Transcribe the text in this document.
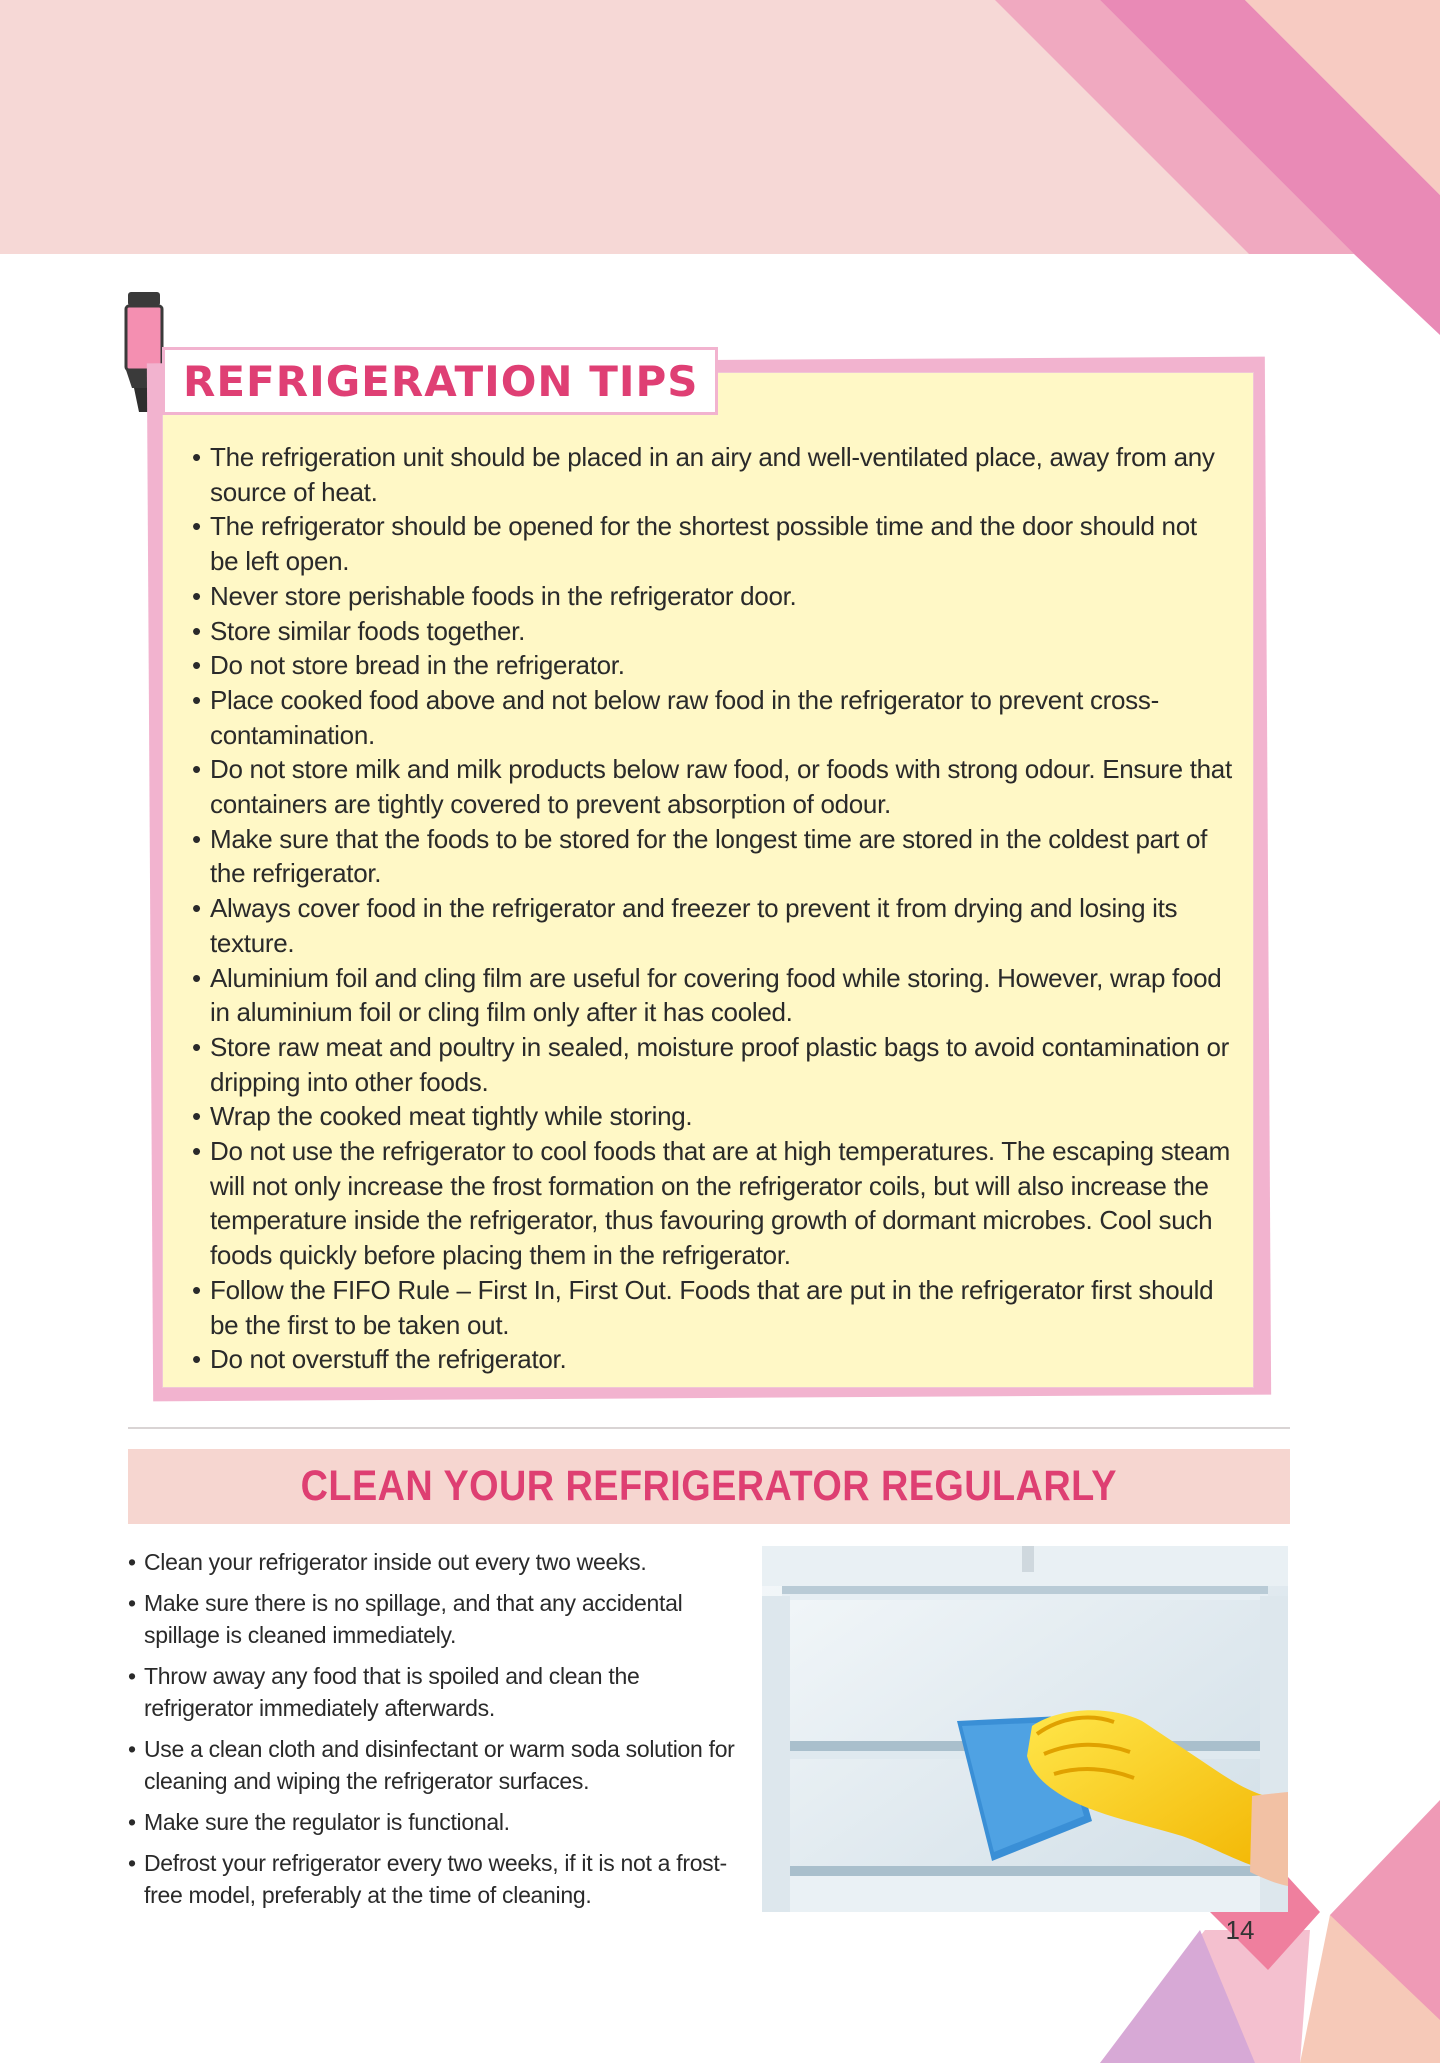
REFRIGERATION TIPS
• The refrigeration unit should be placed in an airy and well-ventilated place, away from any source of heat.
• The refrigerator should be opened for the shortest possible time and the door should not be left open.
• Never store perishable foods in the refrigerator door.
• Store similar foods together.
• Do not store bread in the refrigerator.
• Place cooked food above and not below raw food in the refrigerator to prevent cross-contamination.
• Do not store milk and milk products below raw food, or foods with strong odour. Ensure that containers are tightly covered to prevent absorption of odour.
• Make sure that the foods to be stored for the longest time are stored in the coldest part of the refrigerator.
• Always cover food in the refrigerator and freezer to prevent it from drying and losing its texture.
• Aluminium foil and cling film are useful for covering food while storing. However, wrap food in aluminium foil or cling film only after it has cooled.
• Store raw meat and poultry in sealed, moisture proof plastic bags to avoid contamination or dripping into other foods.
• Wrap the cooked meat tightly while storing.
• Do not use the refrigerator to cool foods that are at high temperatures. The escaping steam will not only increase the frost formation on the refrigerator coils, but will also increase the temperature inside the refrigerator, thus favouring growth of dormant microbes. Cool such foods quickly before placing them in the refrigerator.
• Follow the FIFO Rule – First In, First Out. Foods that are put in the refrigerator first should be the first to be taken out.
• Do not overstuff the refrigerator.
CLEAN YOUR REFRIGERATOR REGULARLY
• Clean your refrigerator inside out every two weeks.
• Make sure there is no spillage, and that any accidental spillage is cleaned immediately.
• Throw away any food that is spoiled and clean the refrigerator immediately afterwards.
• Use a clean cloth and disinfectant or warm soda solution for cleaning and wiping the refrigerator surfaces.
• Make sure the regulator is functional.
• Defrost your refrigerator every two weeks, if it is not a frost-free model, preferably at the time of cleaning.
14
